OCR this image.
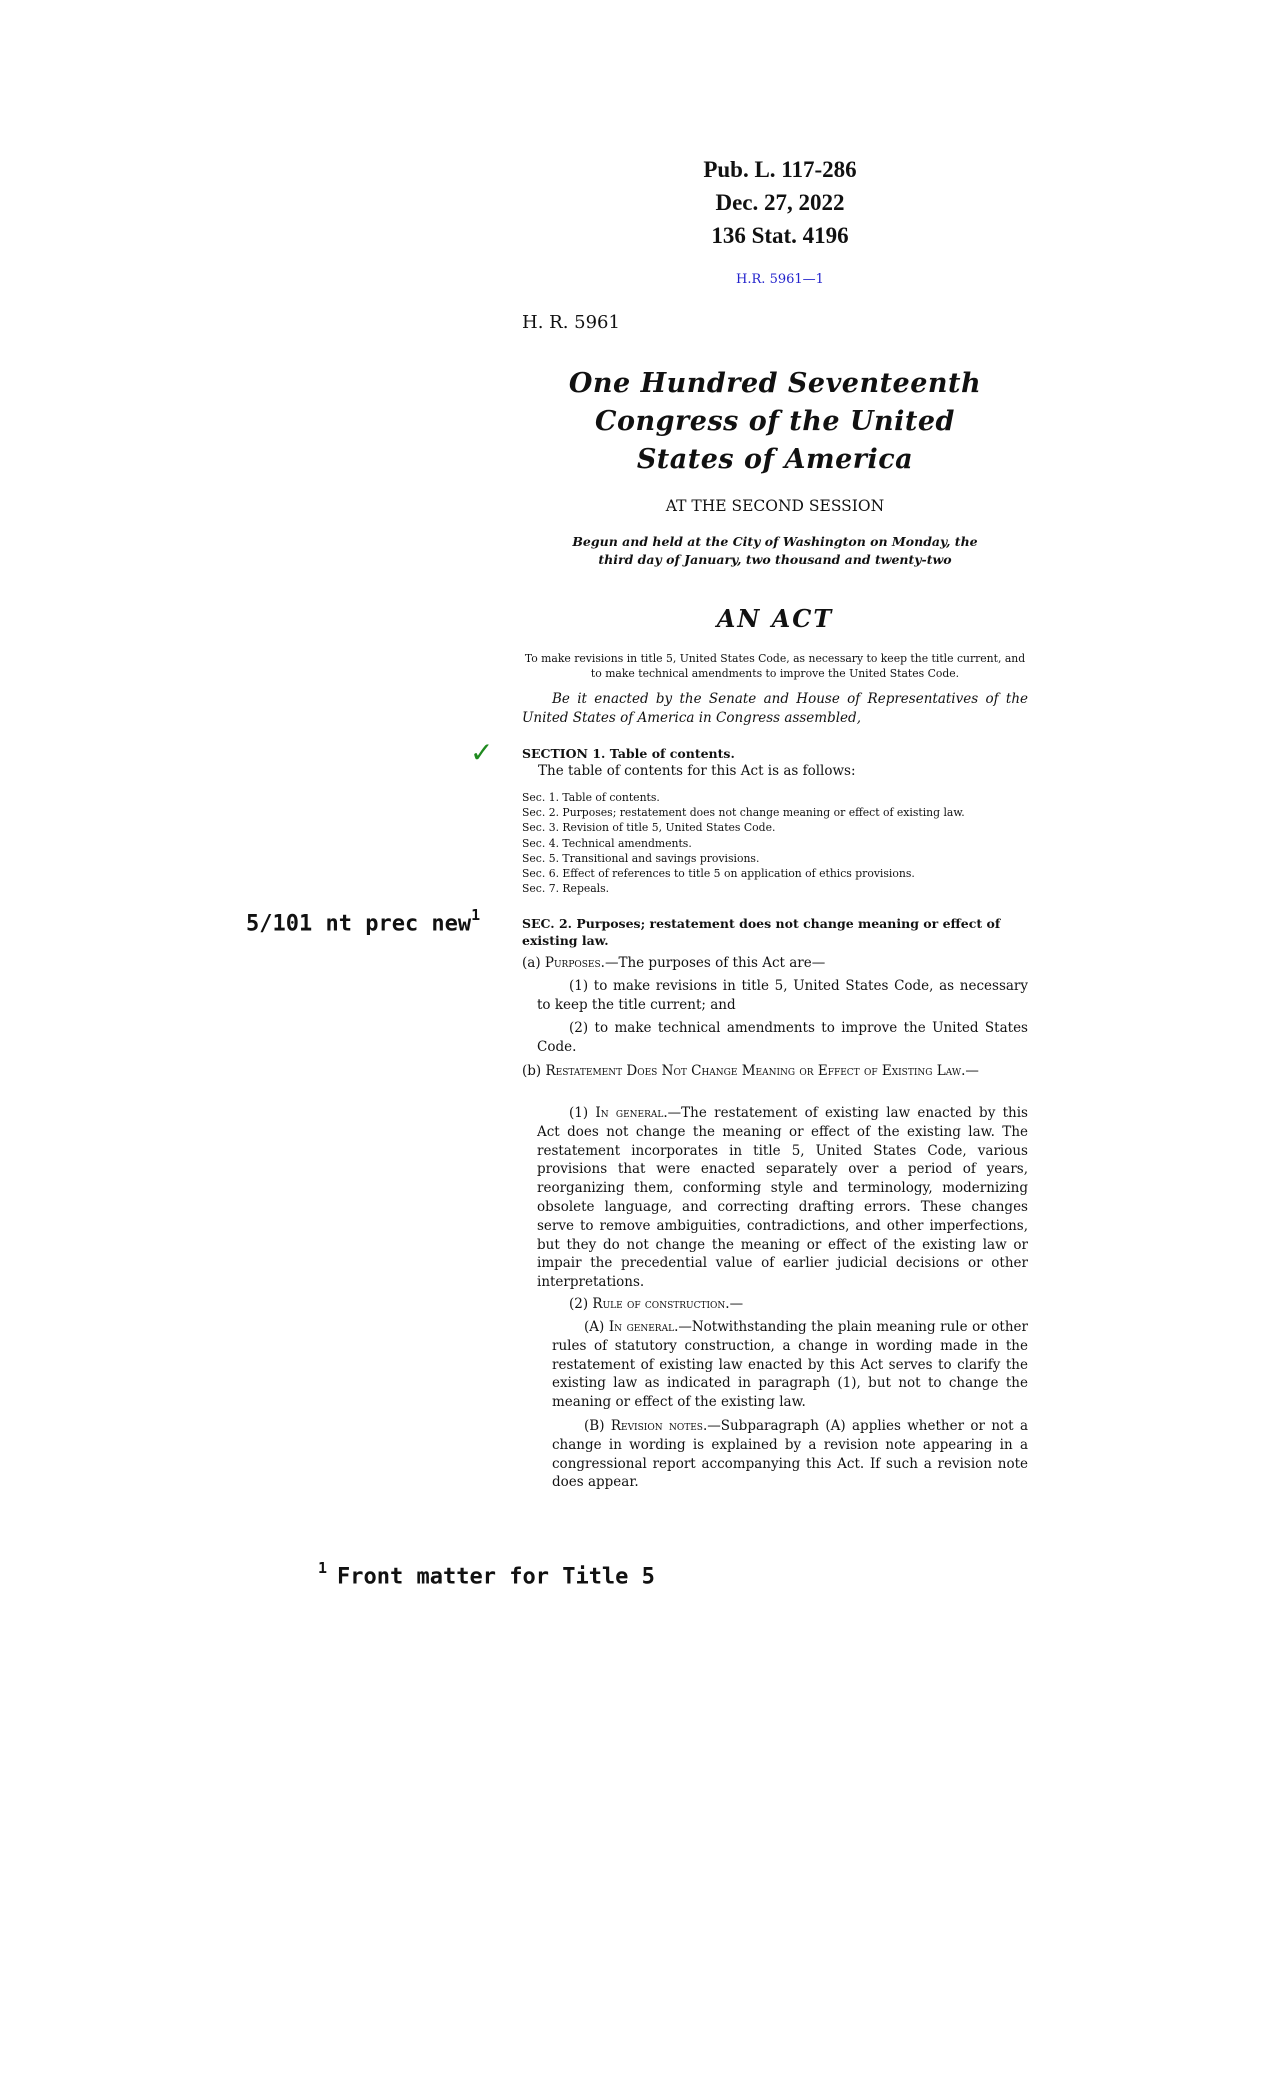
Pub. L. 117-286
Dec. 27, 2022
136 Stat. 4196
H.R. 5961—1
H. R. 5961
One Hundred Seventeenth Congress of the United States of America
AT THE SECOND SESSION
Begun and held at the City of Washington on Monday, the third day of January, two thousand and twenty-two
AN ACT
To make revisions in title 5, United States Code, as necessary to keep the title current, and to make technical amendments to improve the United States Code.
Be it enacted by the Senate and House of Representatives of the United States of America in Congress assembled,
✓ SECTION 1. Table of contents.
The table of contents for this Act is as follows:
Sec. 1. Table of contents.
Sec. 2. Purposes; restatement does not change meaning or effect of existing law.
Sec. 3. Revision of title 5, United States Code.
Sec. 4. Technical amendments.
Sec. 5. Transitional and savings provisions.
Sec. 6. Effect of references to title 5 on application of ethics provisions.
Sec. 7. Repeals.
5/101 nt prec new$^1$	SEC. 2. Purposes; restatement does not change meaning or effect of existing law.
(a) Purposes.—The purposes of this Act are—
(1) to make revisions in title 5, United States Code, as necessary to keep the title current; and
(2) to make technical amendments to improve the United States Code.
(b) Restatement Does Not Change Meaning or Effect of Existing Law.—
(1) In general.—The restatement of existing law enacted by this Act does not change the meaning or effect of the existing law. The restatement incorporates in title 5, United States Code, various provisions that were enacted separately over a period of years, reorganizing them, conforming style and terminology, modernizing obsolete language, and correcting drafting errors. These changes serve to remove ambiguities, contradictions, and other imperfections, but they do not change the meaning or effect of the existing law or impair the precedential value of earlier judicial decisions or other interpretations.
(2) Rule of construction.—
(A) In general.—Notwithstanding the plain meaning rule or other rules of statutory construction, a change in wording made in the restatement of existing law enacted by this Act serves to clarify the existing law as indicated in paragraph (1), but not to change the meaning or effect of the existing law.
(B) Revision notes.—Subparagraph (A) applies whether or not a change in wording is explained by a revision note appearing in a congressional report accompanying this Act. If such a revision note does appear.
$^1$ Front matter for Title 5
